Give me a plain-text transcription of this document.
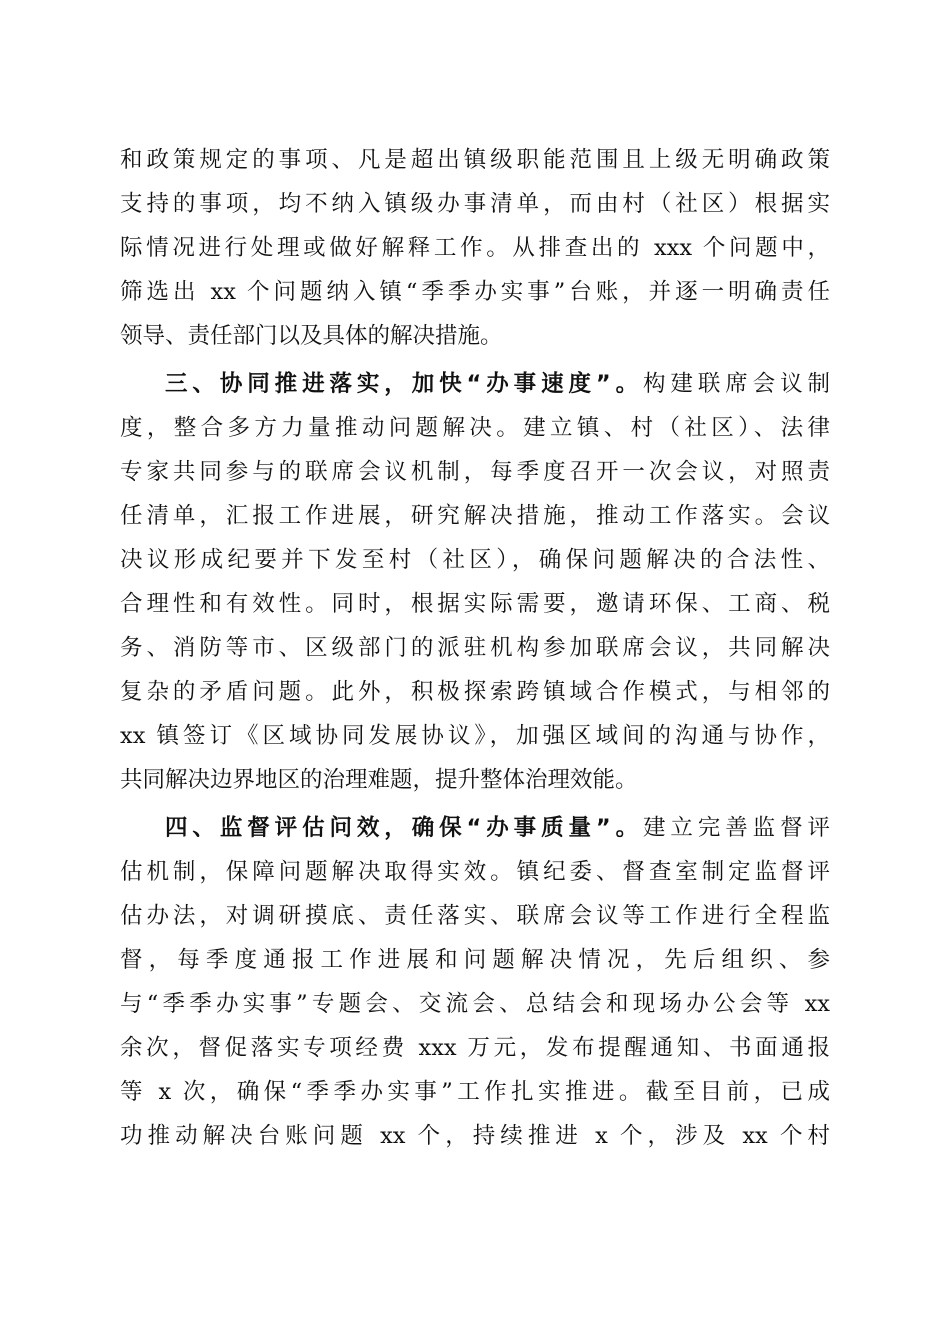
和政策规定的事项、凡是超出镇级职能范围且上级无明确政策
支持的事项，均不纳入镇级办事清单，而由村（社区）根据实
际情况进行处理或做好解释工作。从排查出的 xxx 个问题中，
筛选出 xx 个问题纳入镇“季季办实事”台账，并逐一明确责任
领导、责任部门以及具体的解决措施。
三、协同推进落实，加快“办事速度”。构建联席会议制
度，整合多方力量推动问题解决。建立镇、村（社区）、法律
专家共同参与的联席会议机制，每季度召开一次会议，对照责
任清单，汇报工作进展，研究解决措施，推动工作落实。会议
决议形成纪要并下发至村（社区），确保问题解决的合法性、
合理性和有效性。同时，根据实际需要，邀请环保、工商、税
务、消防等市、区级部门的派驻机构参加联席会议，共同解决
复杂的矛盾问题。此外，积极探索跨镇域合作模式，与相邻的
xx 镇签订《区域协同发展协议》，加强区域间的沟通与协作，
共同解决边界地区的治理难题，提升整体治理效能。
四、监督评估问效，确保“办事质量”。建立完善监督评
估机制，保障问题解决取得实效。镇纪委、督查室制定监督评
估办法，对调研摸底、责任落实、联席会议等工作进行全程监
督，每季度通报工作进展和问题解决情况，先后组织、参
与“季季办实事”专题会、交流会、总结会和现场办公会等 xx
余次，督促落实专项经费 xxx 万元，发布提醒通知、书面通报
等 x 次，确保“季季办实事”工作扎实推进。截至目前，已成
功推动解决台账问题 xx 个，持续推进 x 个，涉及 xx 个村
